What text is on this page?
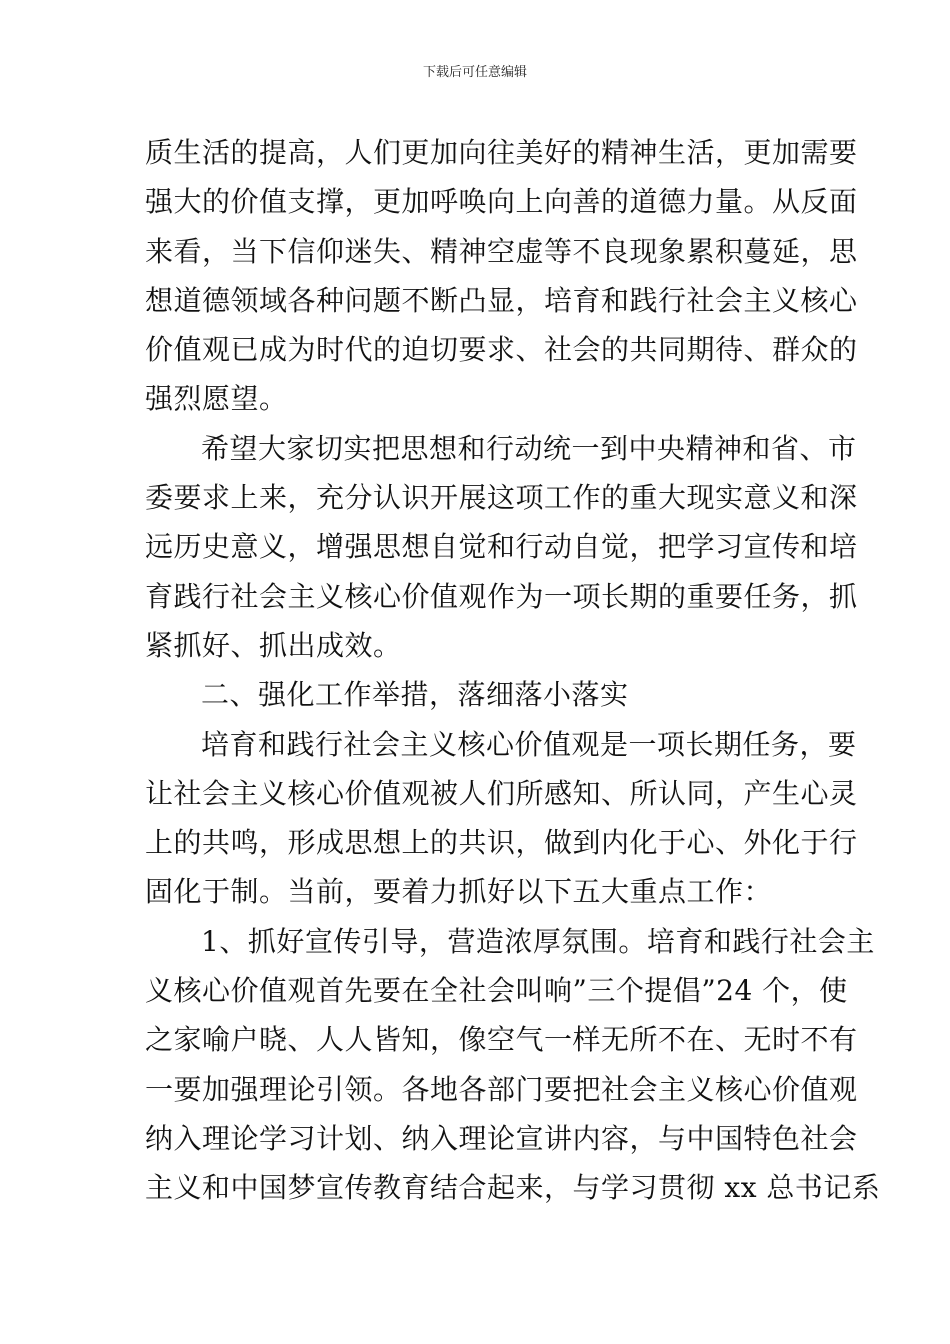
下载后可任意编辑
质生活的提高，人们更加向往美好的精神生活，更加需要
强大的价值支撑，更加呼唤向上向善的道德力量。从反面
来看，当下信仰迷失、精神空虚等不良现象累积蔓延，思
想道德领域各种问题不断凸显，培育和践行社会主义核心
价值观已成为时代的迫切要求、社会的共同期待、群众的
强烈愿望。
希望大家切实把思想和行动统一到中央精神和省、市
委要求上来，充分认识开展这项工作的重大现实意义和深
远历史意义，增强思想自觉和行动自觉，把学习宣传和培
育践行社会主义核心价值观作为一项长期的重要任务，抓
紧抓好、抓出成效。
二、强化工作举措，落细落小落实
培育和践行社会主义核心价值观是一项长期任务，要
让社会主义核心价值观被人们所感知、所认同，产生心灵
上的共鸣，形成思想上的共识，做到内化于心、外化于行
固化于制。当前，要着力抓好以下五大重点工作：
1、抓好宣传引导，营造浓厚氛围。培育和践行社会主
义核心价值观首先要在全社会叫响”三个提倡”24 个，使
之家喻户晓、人人皆知，像空气一样无所不在、无时不有
一要加强理论引领。各地各部门要把社会主义核心价值观
纳入理论学习计划、纳入理论宣讲内容，与中国特色社会
主义和中国梦宣传教育结合起来，与学习贯彻 xx 总书记系
